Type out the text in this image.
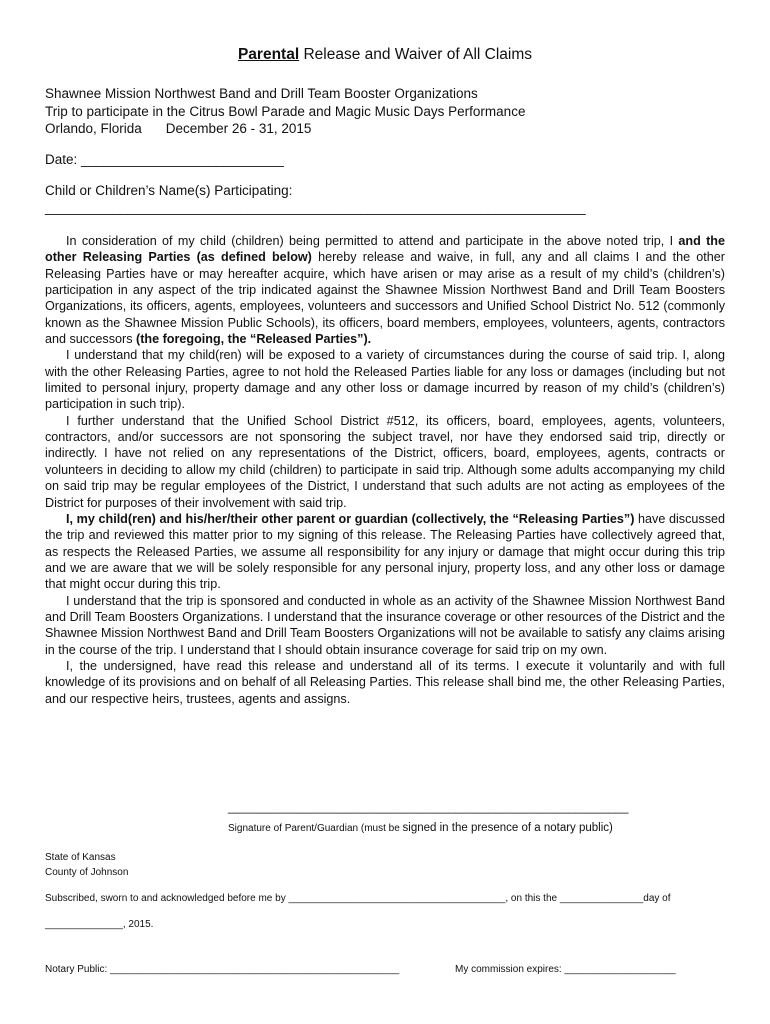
Parental Release and Waiver of All Claims
Shawnee Mission Northwest Band and Drill Team Booster Organizations
Trip to participate in the Citrus Bowl Parade and Magic Music Days Performance
Orlando, Florida December 26 - 31, 2015
Date: ___________________________
Child or Children’s Name(s) Participating:
________________________________________________________________________

In consideration of my child (children) being permitted to attend and participate in the above noted trip, I and the other Releasing Parties (as defined below) hereby release and waive, in full, any and all claims I and the other Releasing Parties have or may hereafter acquire, which have arisen or may arise as a result of my child’s (children’s) participation in any aspect of the trip indicated against the Shawnee Mission Northwest Band and Drill Team Boosters Organizations, its officers, agents, employees, volunteers and successors and Unified School District No. 512 (commonly known as the Shawnee Mission Public Schools), its officers, board members, employees, volunteers, agents, contractors and successors (the foregoing, the “Released Parties”).

I understand that my child(ren) will be exposed to a variety of circumstances during the course of said trip. I, along with the other Releasing Parties, agree to not hold the Released Parties liable for any loss or damages (including but not limited to personal injury, property damage and any other loss or damage incurred by reason of my child’s (children’s) participation in such trip).

I further understand that the Unified School District #512, its officers, board, employees, agents, volunteers, contractors, and/or successors are not sponsoring the subject travel, nor have they endorsed said trip, directly or indirectly. I have not relied on any representations of the District, officers, board, employees, agents, contracts or volunteers in deciding to allow my child (children) to participate in said trip. Although some adults accompanying my child on said trip may be regular employees of the District, I understand that such adults are not acting as employees of the District for purposes of their involvement with said trip.

I, my child(ren) and his/her/their other parent or guardian (collectively, the “Releasing Parties”) have discussed the trip and reviewed this matter prior to my signing of this release. The Releasing Parties have collectively agreed that, as respects the Released Parties, we assume all responsibility for any injury or damage that might occur during this trip and we are aware that we will be solely responsible for any personal injury, property loss, and any other loss or damage that might occur during this trip.

I understand that the trip is sponsored and conducted in whole as an activity of the Shawnee Mission Northwest Band and Drill Team Boosters Organizations. I understand that the insurance coverage or other resources of the District and the Shawnee Mission Northwest Band and Drill Team Boosters Organizations will not be available to satisfy any claims arising in the course of the trip. I understand that I should obtain insurance coverage for said trip on my own.

I, the undersigned, have read this release and understand all of its terms. I execute it voluntarily and with full knowledge of its provisions and on behalf of all Releasing Parties. This release shall bind me, the other Releasing Parties, and our respective heirs, trustees, agents and assigns.

____________________________________________________________
Signature of Parent/Guardian (must be signed in the presence of a notary public)
State of Kansas
County of Johnson
Subscribed, sworn to and acknowledged before me by _______________________________________, on this the _______________day of
______________, 2015.
Notary Public: ____________________________________________________	My commission expires: ____________________
